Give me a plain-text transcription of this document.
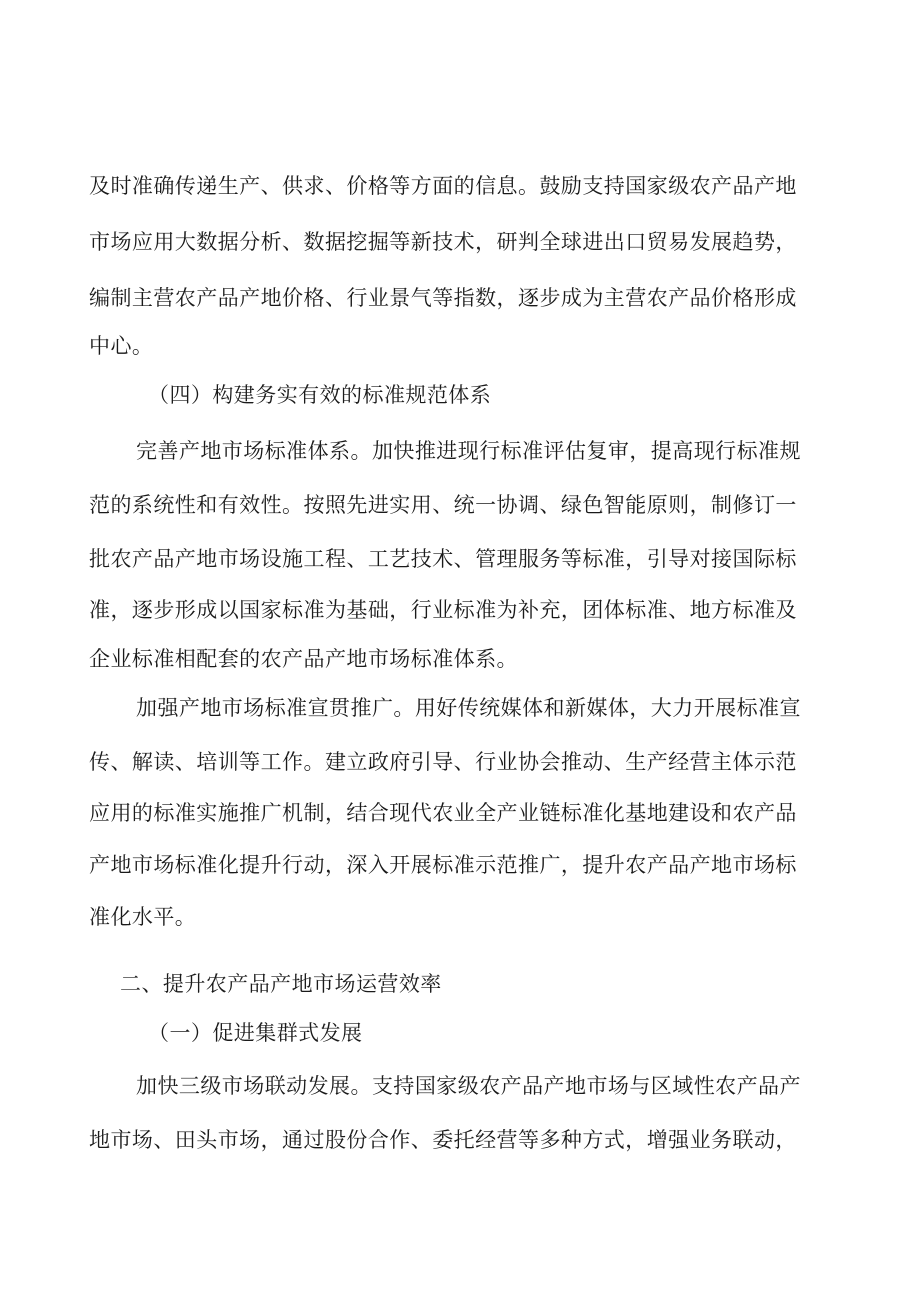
及时准确传递生产、供求、价格等方面的信息。鼓励支持国家级农产品产地
市场应用大数据分析、数据挖掘等新技术，研判全球进出口贸易发展趋势，
编制主营农产品产地价格、行业景气等指数，逐步成为主营农产品价格形成
中心。
（四）构建务实有效的标准规范体系
完善产地市场标准体系。加快推进现行标准评估复审，提高现行标准规
范的系统性和有效性。按照先进实用、统一协调、绿色智能原则，制修订一
批农产品产地市场设施工程、工艺技术、管理服务等标准，引导对接国际标
准，逐步形成以国家标准为基础，行业标准为补充，团体标准、地方标准及
企业标准相配套的农产品产地市场标准体系。
加强产地市场标准宣贯推广。用好传统媒体和新媒体，大力开展标准宣
传、解读、培训等工作。建立政府引导、行业协会推动、生产经营主体示范
应用的标准实施推广机制，结合现代农业全产业链标准化基地建设和农产品
产地市场标准化提升行动，深入开展标准示范推广，提升农产品产地市场标
准化水平。
二、提升农产品产地市场运营效率
（一）促进集群式发展
加快三级市场联动发展。支持国家级农产品产地市场与区域性农产品产
地市场、田头市场，通过股份合作、委托经营等多种方式，增强业务联动，
